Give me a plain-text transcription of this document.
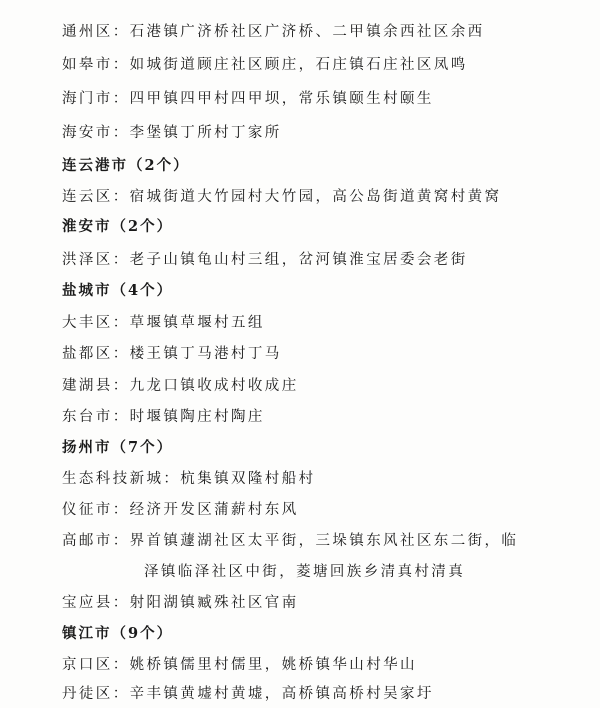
通州区：石港镇广济桥社区广济桥、二甲镇余西社区余西
如皋市：如城街道顾庄社区顾庄，石庄镇石庄社区凤鸣
海门市：四甲镇四甲村四甲坝，常乐镇颐生村颐生
海安市：李堡镇丁所村丁家所
连云港市（2个）
连云区：宿城街道大竹园村大竹园，高公岛街道黄窝村黄窝
淮安市（2个）
洪泽区：老子山镇龟山村三组，岔河镇淮宝居委会老街
盐城市（4个）
大丰区：草堰镇草堰村五组
盐都区：楼王镇丁马港村丁马
建湖县：九龙口镇收成村收成庄
东台市：时堰镇陶庄村陶庄
扬州市（7个）
生态科技新城：杭集镇双隆村船村
仪征市：经济开发区蒲薪村东风
高邮市：界首镇蘧湖社区太平街，三垛镇东风社区东二街，临
泽镇临泽社区中街，菱塘回族乡清真村清真
宝应县：射阳湖镇臧殊社区官南
镇江市（9个）
京口区：姚桥镇儒里村儒里，姚桥镇华山村华山
丹徒区：辛丰镇黄墟村黄墟，高桥镇高桥村吴家圩
